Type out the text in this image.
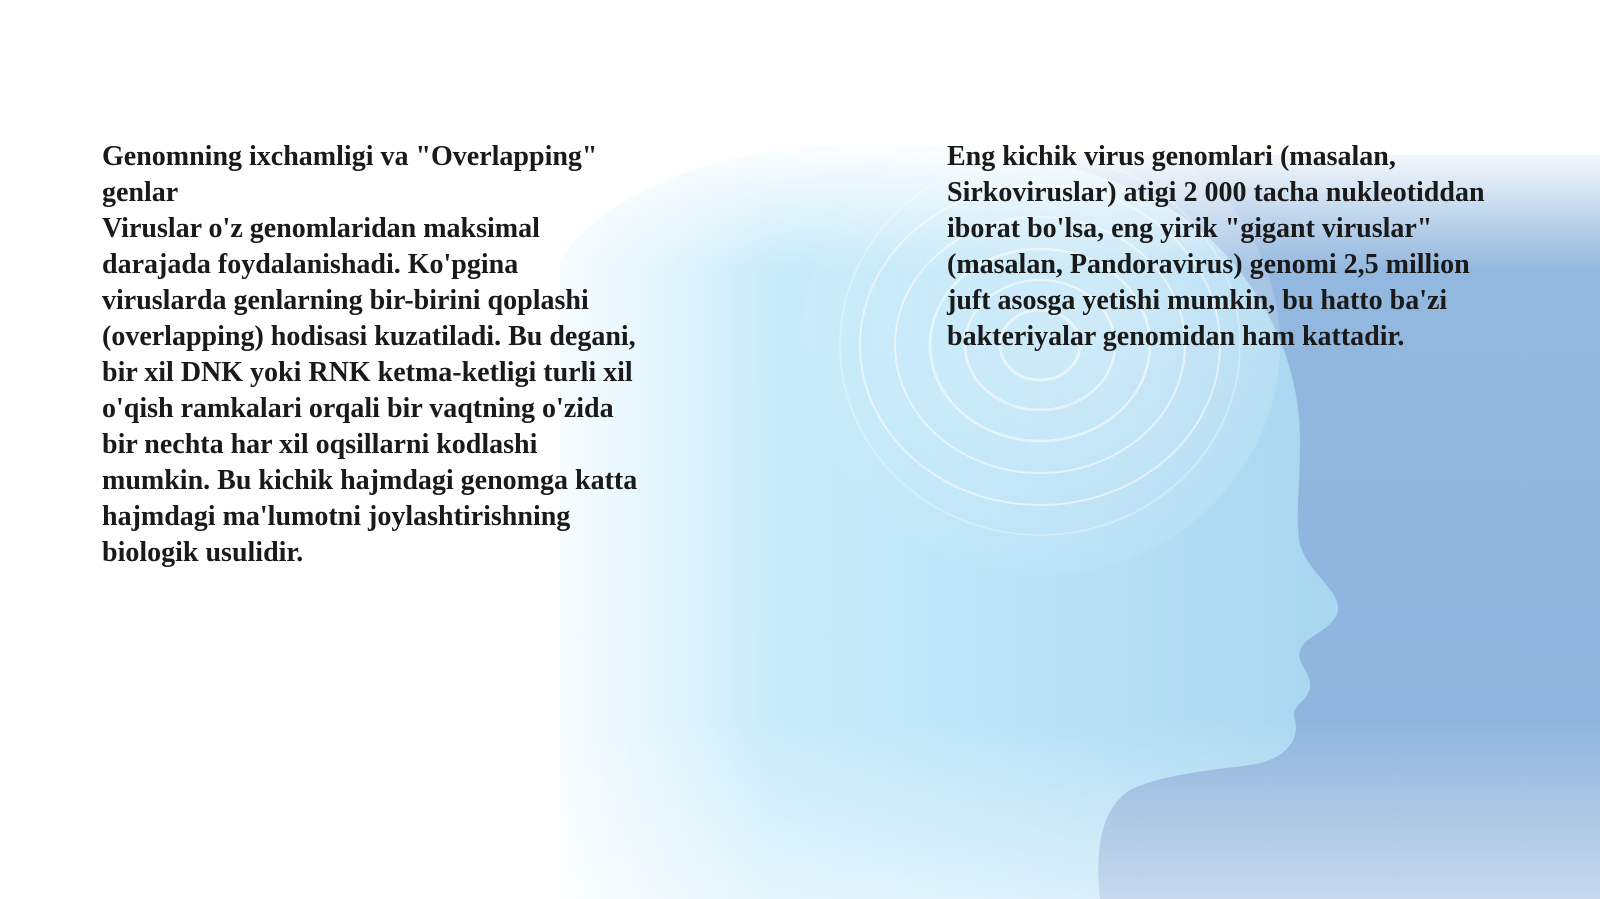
Genomning ixchamligi va "Overlapping" genlar

Viruslar o'z genomlaridan maksimal darajada foydalanishadi. Ko'pgina viruslarda genlarning bir-birini qoplashi (overlapping) hodisasi kuzatiladi. Bu degani, bir xil DNK yoki RNK ketma-ketligi turli xil o'qish ramkalari orqali bir vaqtning o'zida bir nechta har xil oqsillarni kodlashi mumkin. Bu kichik hajmdagi genomga katta hajmdagi ma'lumotni joylashtirishning biologik usulidir.

Eng kichik virus genomlari (masalan, Sirkoviruslar) atigi 2 000 tacha nukleotiddan iborat bo'lsa, eng yirik "gigant viruslar" (masalan, Pandoravirus) genomi 2,5 million juft asosga yetishi mumkin, bu hatto ba'zi bakteriyalar genomidan ham kattadir.
